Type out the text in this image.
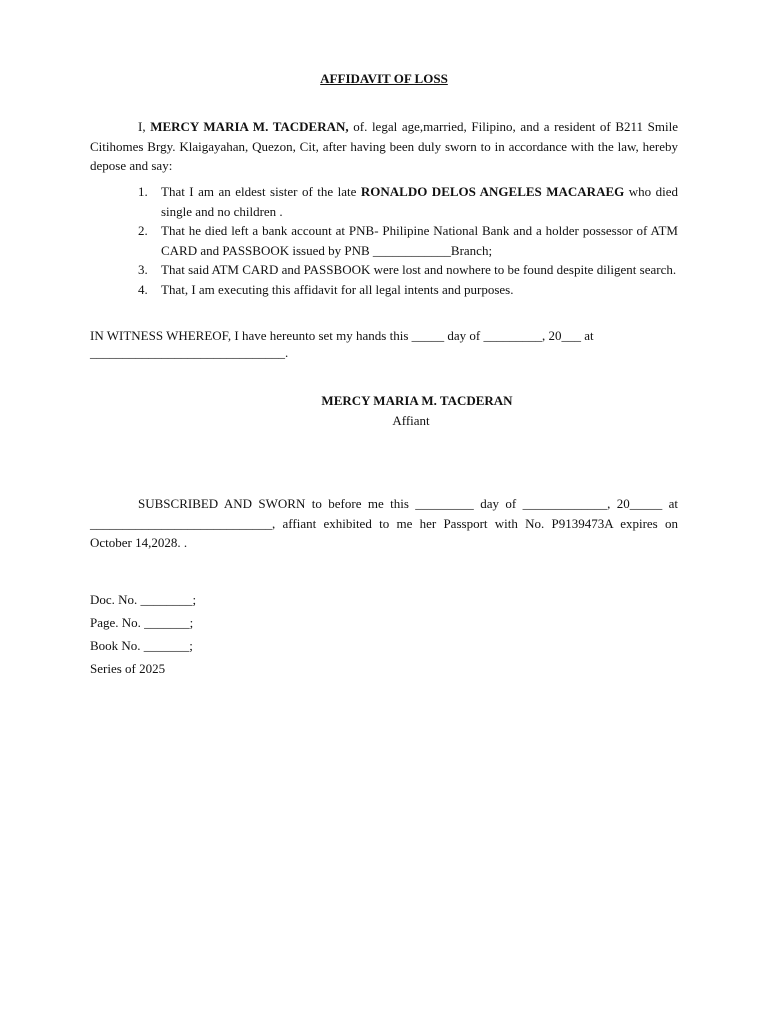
AFFIDAVIT OF LOSS

I, MERCY MARIA M. TACDERAN, of. legal age,married, Filipino, and a resident of B211 Smile Citihomes Brgy. Klaigayahan, Quezon, Cit, after having been duly sworn to in accordance with the law, hereby depose and say:

1. That I am an eldest sister of the late RONALDO DELOS ANGELES MACARAEG who died single and no children .
2. That he died left a bank account at PNB- Philipine National Bank and a holder possessor of ATM CARD and PASSBOOK issued by PNB ____________Branch;
3. That said ATM CARD and PASSBOOK were lost and nowhere to be found despite diligent search.
4. That, I am executing this affidavit for all legal intents and purposes.
IN WITNESS WHEREOF, I have hereunto set my hands this _____ day of _________, 20___ at
______________________________.
MERCY MARIA M. TACDERAN
Affiant

SUBSCRIBED AND SWORN to before me this _________ day of _____________, 20_____ at ____________________________, affiant exhibited to me her Passport with No. P9139473A expires on October 14,2028. .

Doc. No. ________;
Page. No. _______;
Book No. _______;
Series of 2025
